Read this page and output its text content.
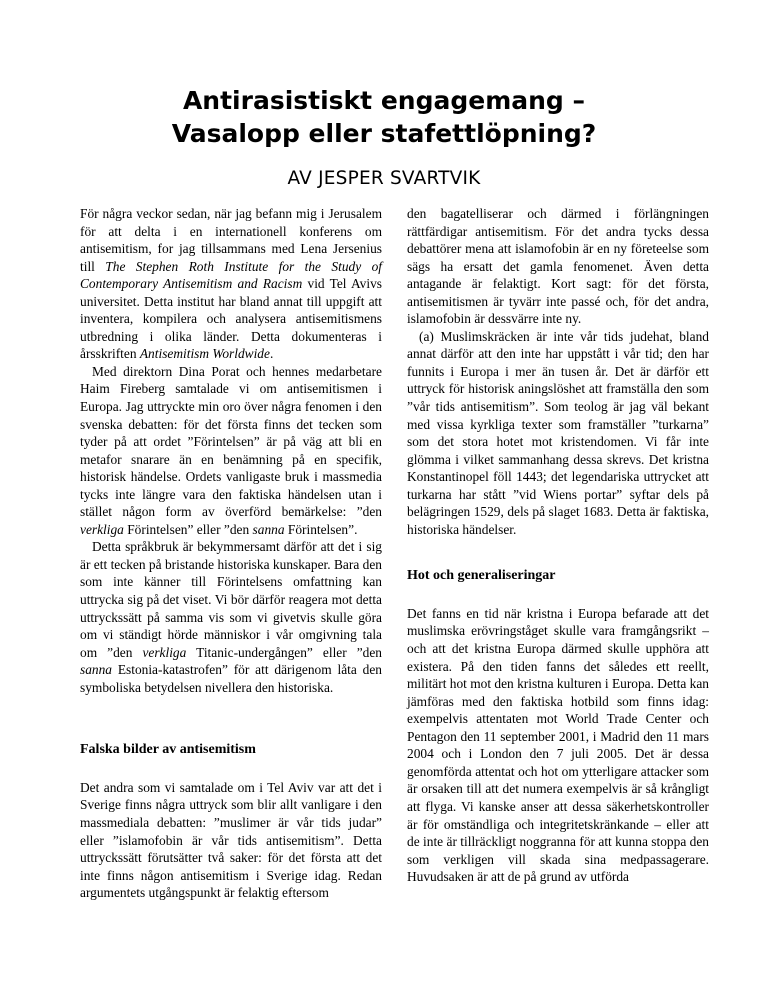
Antirasistiskt engagemang –
Vasalopp eller stafettlöpning?
AV JESPER SVARTVIK

För några veckor sedan, när jag befann mig i Jerusalem för att delta i en internationell konferens om antisemitism, for jag tillsammans med Lena Jersenius till The Stephen Roth Institute for the Study of Contemporary Antisemitism and Racism vid Tel Avivs universitet. Detta institut har bland annat till uppgift att inventera, kompilera och analysera antisemitismens utbredning i olika länder. Detta dokumenteras i årsskriften Antisemitism Worldwide.

Med direktorn Dina Porat och hennes medarbetare Haim Fireberg samtalade vi om antisemitismen i Europa. Jag uttryckte min oro över några fenomen i den svenska debatten: för det första finns det tecken som tyder på att ordet ”Förintelsen” är på väg att bli en metafor snarare än en benämning på en specifik, historisk händelse. Ordets vanligaste bruk i massmedia tycks inte längre vara den faktiska händelsen utan i stället någon form av överförd bemärkelse: ”den verkliga Förintelsen” eller ”den sanna Förintelsen”.

Detta språkbruk är bekymmersamt därför att det i sig är ett tecken på bristande historiska kunskaper. Bara den som inte känner till Förintelsens omfattning kan uttrycka sig på det viset. Vi bör därför reagera mot detta uttryckssätt på samma vis som vi givetvis skulle göra om vi ständigt hörde människor i vår omgivning tala om ”den verkliga Titanic-undergången” eller ”den sanna Estonia-katastrofen” för att därigenom låta den symboliska betydelsen nivellera den historiska.

Falska bilder av antisemitism

Det andra som vi samtalade om i Tel Aviv var att det i Sverige finns några uttryck som blir allt vanligare i den massmediala debatten: ”muslimer är vår tids judar” eller ”islamofobin är vår tids antisemitism”. Detta uttryckssätt förutsätter två saker: för det första att det inte finns någon antisemitism i Sverige idag. Redan argumentets utgångspunkt är felaktig eftersom

den bagatelliserar och därmed i förlängningen rättfärdigar antisemitism. För det andra tycks dessa debattörer mena att islamofobin är en ny företeelse som sägs ha ersatt det gamla fenomenet. Även detta antagande är felaktigt. Kort sagt: för det första, antisemitismen är tyvärr inte passé och, för det andra, islamofobin är dessvärre inte ny.

(a) Muslimskräcken är inte vår tids judehat, bland annat därför att den inte har uppstått i vår tid; den har funnits i Europa i mer än tusen år. Det är därför ett uttryck för historisk aningslöshet att framställa den som ”vår tids antisemitism”. Som teolog är jag väl bekant med vissa kyrkliga texter som framställer ”turkarna” som det stora hotet mot kristendomen. Vi får inte glömma i vilket sammanhang dessa skrevs. Det kristna Konstantinopel föll 1443; det legendariska uttrycket att turkarna har stått ”vid Wiens portar” syftar dels på belägringen 1529, dels på slaget 1683. Detta är faktiska, historiska händelser.

Hot och generaliseringar

Det fanns en tid när kristna i Europa befarade att det muslimska erövringståget skulle vara framgångsrikt – och att det kristna Europa därmed skulle upphöra att existera. På den tiden fanns det således ett reellt, militärt hot mot den kristna kulturen i Europa. Detta kan jämföras med den faktiska hotbild som finns idag: exempelvis attentaten mot World Trade Center och Pentagon den 11 september 2001, i Madrid den 11 mars 2004 och i London den 7 juli 2005. Det är dessa genomförda attentat och hot om ytterligare attacker som är orsaken till att det numera exempelvis är så krångligt att flyga. Vi kanske anser att dessa säkerhetskontroller är för omständliga och integritetskränkande – eller att de inte är tillräckligt noggranna för att kunna stoppa den som verkligen vill skada sina medpassagerare. Huvudsaken är att de på grund av utförda
